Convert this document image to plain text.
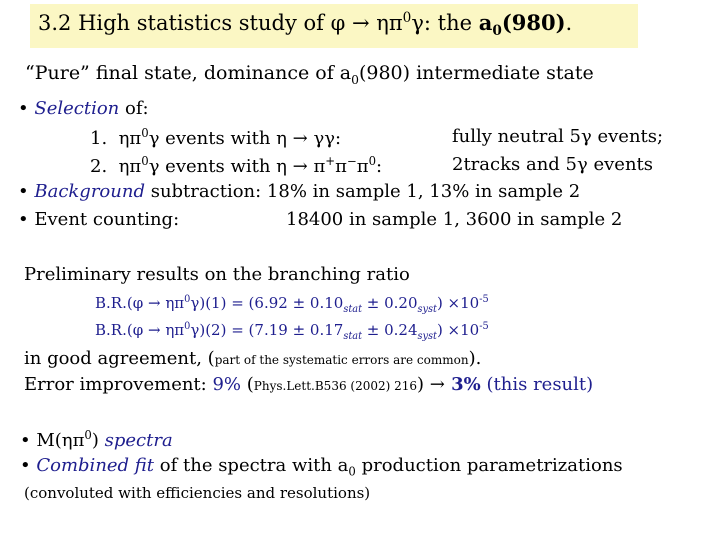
3.2 High statistics study of $\varphi \to \eta\pi^0\gamma$: the $a_0(980)$.
“Pure” final state, dominance of $a_0(980)$ intermediate state
• Selection of:
1. $\eta\pi^0\gamma$ events with η → γγ:	fully neutral 5γ events;
2. $\eta\pi^0\gamma$ events with $\eta \to \pi^+\pi^-\pi^0$:	2tracks and 5γ events
• Background subtraction: 18% in sample 1, 13% in sample 2
• Event counting:	18400 in sample 1, 3600 in sample 2
Preliminary results on the branching ratio
$B.R.(\varphi \to \eta\pi^0\gamma)(1) = (6.92 \pm 0.10_{stat} \pm 0.20_{syst}) \times 10^{-5}$
$B.R.(\varphi \to \eta\pi^0\gamma)(2) = (7.19 \pm 0.17_{stat} \pm 0.24_{syst}) \times 10^{-5}$
in good agreement, (part of the systematic errors are common).
Error improvement: 9% (Phys.Lett.B536 (2002) 216) → 3% (this result)
• $M(\eta\pi^0)$ spectra
• Combined fit of the spectra with $a_0$ production parametrizations
(convoluted with efficiencies and resolutions)
